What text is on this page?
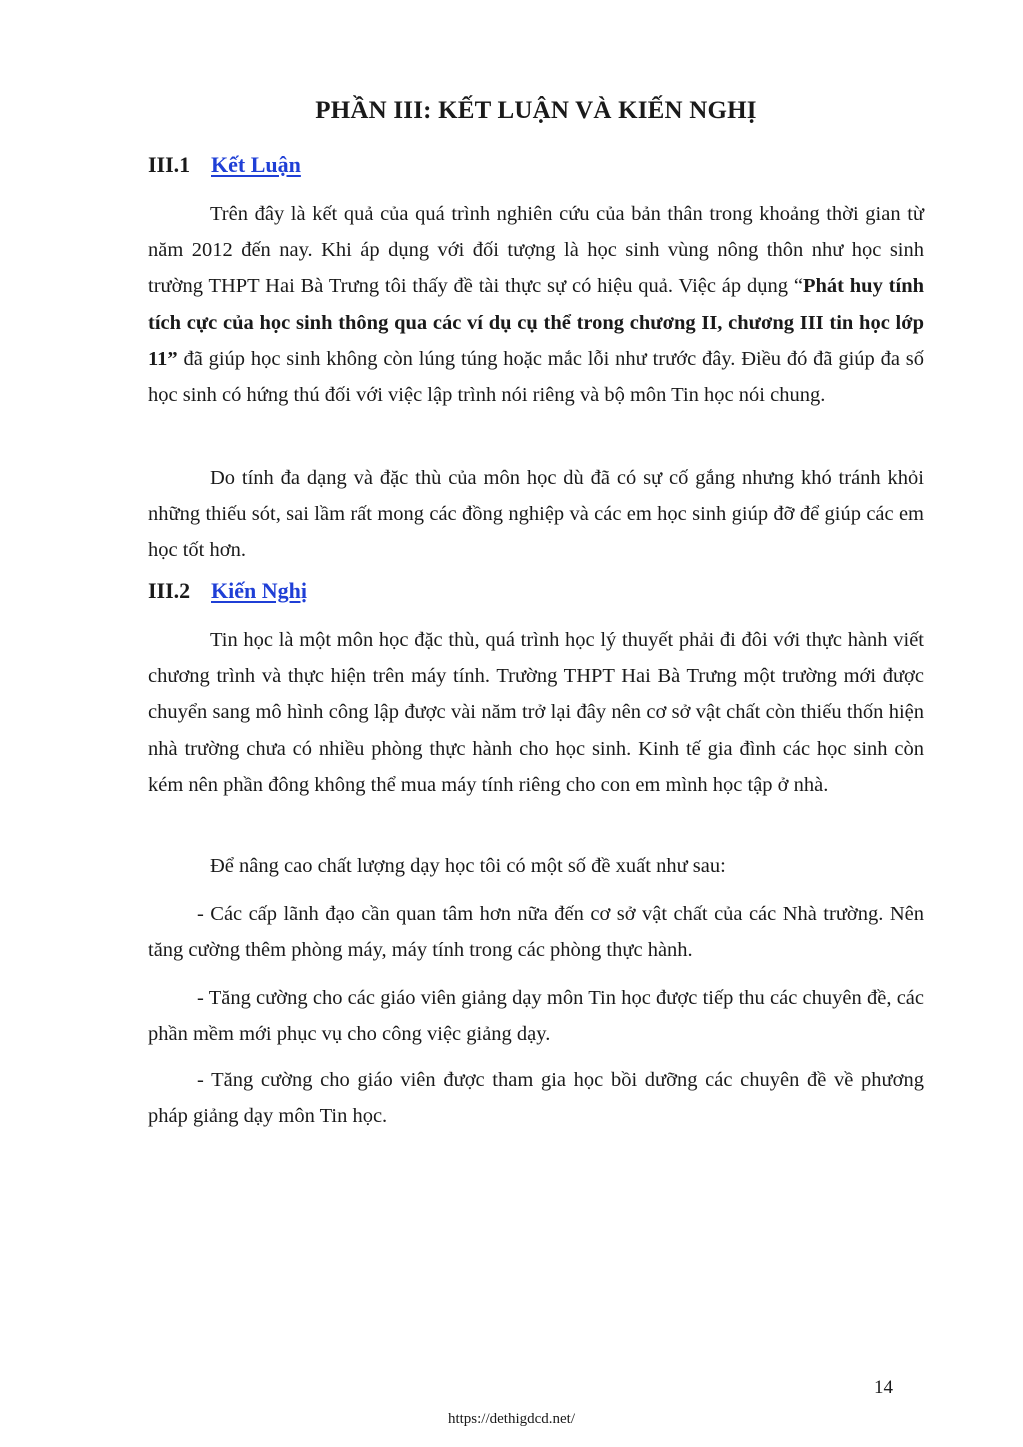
PHẦN III: KẾT LUẬN VÀ KIẾN NGHỊ
III.1 Kết Luận

Trên đây là kết quả của quá trình nghiên cứu của bản thân trong khoảng thời gian từ năm 2012 đến nay. Khi áp dụng với đối tượng là học sinh vùng nông thôn như học sinh trường THPT Hai Bà Trưng tôi thấy đề tài thực sự có hiệu quả. Việc áp dụng “Phát huy tính tích cực của học sinh thông qua các ví dụ cụ thể trong chương II, chương III tin học lớp 11” đã giúp học sinh không còn lúng túng hoặc mắc lỗi như trước đây. Điều đó đã giúp đa số học sinh có hứng thú đối với việc lập trình nói riêng và bộ môn Tin học nói chung.

Do tính đa dạng và đặc thù của môn học dù đã có sự cố gắng nhưng khó tránh khỏi những thiếu sót, sai lầm rất mong các đồng nghiệp và các em học sinh giúp đỡ để giúp các em học tốt hơn.

III.2 Kiến Nghị

Tin học là một môn học đặc thù, quá trình học lý thuyết phải đi đôi với thực hành viết chương trình và thực hiện trên máy tính. Trường THPT Hai Bà Trưng một trường mới được chuyển sang mô hình công lập được vài năm trở lại đây nên cơ sở vật chất còn thiếu thốn hiện nhà trường chưa có nhiều phòng thực hành cho học sinh. Kinh tế gia đình các học sinh còn kém nên phần đông không thể mua máy tính riêng cho con em mình học tập ở nhà.

Để nâng cao chất lượng dạy học tôi có một số đề xuất như sau:

- Các cấp lãnh đạo cần quan tâm hơn nữa đến cơ sở vật chất của các Nhà trường. Nên tăng cường thêm phòng máy, máy tính trong các phòng thực hành.

- Tăng cường cho các giáo viên giảng dạy môn Tin học được tiếp thu các chuyên đề, các phần mềm mới phục vụ cho công việc giảng dạy.

- Tăng cường cho giáo viên được tham gia học bồi dưỡng các chuyên đề về phương pháp giảng dạy môn Tin học.

14

https://dethigdcd.net/
